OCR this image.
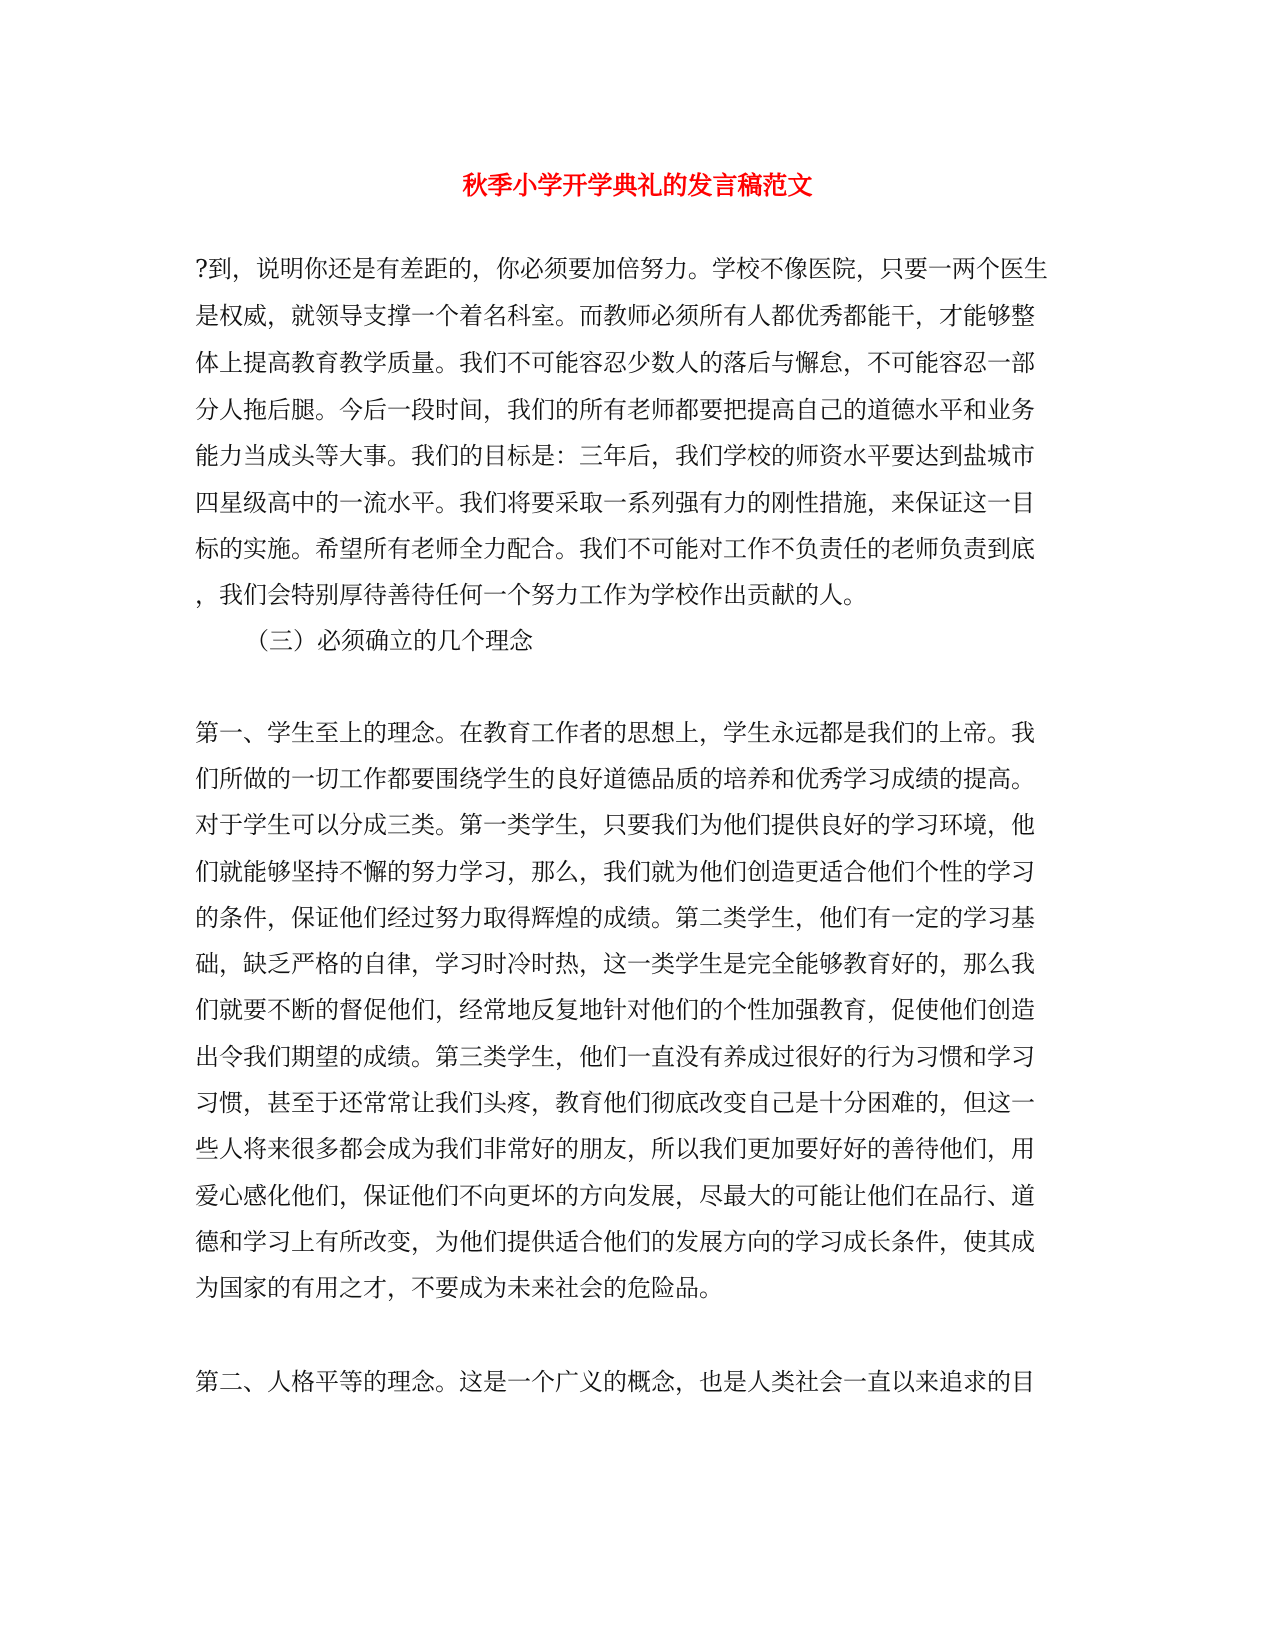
秋季小学开学典礼的发言稿范文
?到，说明你还是有差距的，你必须要加倍努力。学校不像医院，只要一两个医生
是权威，就领导支撑一个着名科室。而教师必须所有人都优秀都能干，才能够整
体上提高教育教学质量。我们不可能容忍少数人的落后与懈怠，不可能容忍一部
分人拖后腿。今后一段时间，我们的所有老师都要把提高自己的道德水平和业务
能力当成头等大事。我们的目标是：三年后，我们学校的师资水平要达到盐城市
四星级高中的一流水平。我们将要采取一系列强有力的刚性措施，来保证这一目
标的实施。希望所有老师全力配合。我们不可能对工作不负责任的老师负责到底
，我们会特别厚待善待任何一个努力工作为学校作出贡献的人。
（三）必须确立的几个理念
第一、学生至上的理念。在教育工作者的思想上，学生永远都是我们的上帝。我
们所做的一切工作都要围绕学生的良好道德品质的培养和优秀学习成绩的提高。
对于学生可以分成三类。第一类学生，只要我们为他们提供良好的学习环境，他
们就能够坚持不懈的努力学习，那么，我们就为他们创造更适合他们个性的学习
的条件，保证他们经过努力取得辉煌的成绩。第二类学生，他们有一定的学习基
础，缺乏严格的自律，学习时冷时热，这一类学生是完全能够教育好的，那么我
们就要不断的督促他们，经常地反复地针对他们的个性加强教育，促使他们创造
出令我们期望的成绩。第三类学生，他们一直没有养成过很好的行为习惯和学习
习惯，甚至于还常常让我们头疼，教育他们彻底改变自己是十分困难的，但这一
些人将来很多都会成为我们非常好的朋友，所以我们更加要好好的善待他们，用
爱心感化他们，保证他们不向更坏的方向发展，尽最大的可能让他们在品行、道
德和学习上有所改变，为他们提供适合他们的发展方向的学习成长条件，使其成
为国家的有用之才，不要成为未来社会的危险品。
第二、人格平等的理念。这是一个广义的概念，也是人类社会一直以来追求的目
